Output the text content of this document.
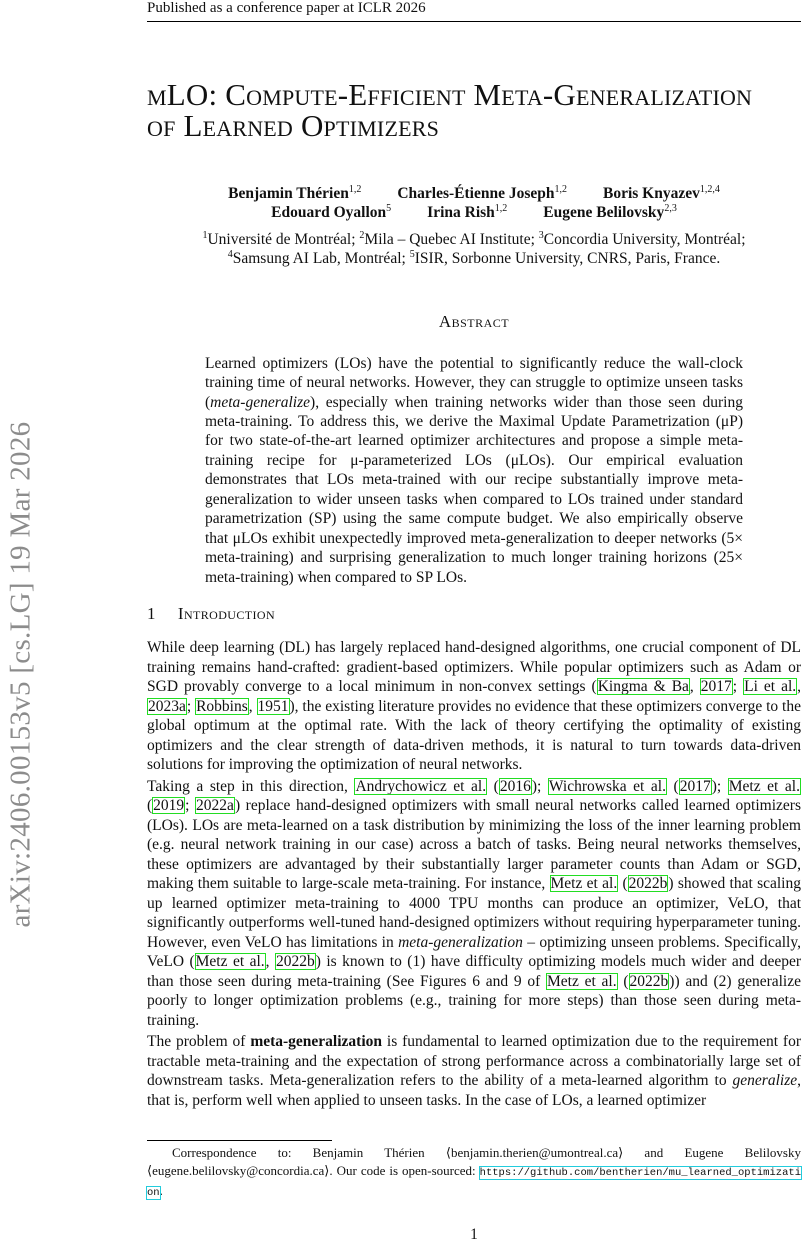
arXiv:2406.00153v5 [cs.LG] 19 Mar 2026
Published as a conference paper at ICLR 2026
μLO: Compute-Efficient Meta-Generalization
of Learned Optimizers
Benjamin Thérien$^{1,2}$ Charles-Étienne Joseph$^{1,2}$ Boris Knyazev$^{1,2,4}$
Edouard Oyallon$^5$ Irina Rish$^{1,2}$ Eugene Belilovsky$^{2,3}$
$^1$Université de Montréal; $^2$Mila – Quebec AI Institute; $^3$Concordia University, Montréal;
$^4$Samsung AI Lab, Montréal; $^5$ISIR, Sorbonne University, CNRS, Paris, France.
Abstract
Learned optimizers (LOs) have the potential to significantly reduce the wall-clock training time of neural networks. However, they can struggle to optimize unseen tasks (meta-generalize), especially when training networks wider than those seen during meta-training. To address this, we derive the Maximal Update Parametrization (μP) for two state-of-the-art learned optimizer architectures and propose a simple meta-training recipe for μ-parameterized LOs (μLOs). Our empirical evaluation demonstrates that LOs meta-trained with our recipe substantially improve meta-generalization to wider unseen tasks when compared to LOs trained under standard parametrization (SP) using the same compute budget. We also empirically observe that μLOs exhibit unexpectedly improved meta-generalization to deeper networks (5× meta-training) and surprising generalization to much longer training horizons (25× meta-training) when compared to SP LOs.
1 Introduction
While deep learning (DL) has largely replaced hand-designed algorithms, one crucial component of DL training remains hand-crafted: gradient-based optimizers. While popular optimizers such as Adam or SGD provably converge to a local minimum in non-convex settings (Kingma & Ba, 2017; Li et al., 2023a; Robbins, 1951), the existing literature provides no evidence that these optimizers converge to the global optimum at the optimal rate. With the lack of theory certifying the optimality of existing optimizers and the clear strength of data-driven methods, it is natural to turn towards data-driven solutions for improving the optimization of neural networks.
Taking a step in this direction, Andrychowicz et al. (2016); Wichrowska et al. (2017); Metz et al. (2019; 2022a) replace hand-designed optimizers with small neural networks called learned optimizers (LOs). LOs are meta-learned on a task distribution by minimizing the loss of the inner learning problem (e.g. neural network training in our case) across a batch of tasks. Being neural networks themselves, these optimizers are advantaged by their substantially larger parameter counts than Adam or SGD, making them suitable to large-scale meta-training. For instance, Metz et al. (2022b) showed that scaling up learned optimizer meta-training to 4000 TPU months can produce an optimizer, VeLO, that significantly outperforms well-tuned hand-designed optimizers without requiring hyperparameter tuning. However, even VeLO has limitations in meta-generalization – optimizing unseen problems. Specifically, VeLO (Metz et al., 2022b) is known to (1) have difficulty optimizing models much wider and deeper than those seen during meta-training (See Figures 6 and 9 of Metz et al. (2022b)) and (2) generalize poorly to longer optimization problems (e.g., training for more steps) than those seen during meta-training.
The problem of meta-generalization is fundamental to learned optimization due to the requirement for tractable meta-training and the expectation of strong performance across a combinatorially large set of downstream tasks. Meta-generalization refers to the ability of a meta-learned algorithm to generalize, that is, perform well when applied to unseen tasks. In the case of LOs, a learned optimizer
Correspondence to: Benjamin Thérien ⟨benjamin.therien@umontreal.ca⟩ and Eugene Belilovsky ⟨eugene.belilovsky@concordia.ca⟩. Our code is open-sourced: https://github.com/bentherien/mu_learned_optimization.
1
